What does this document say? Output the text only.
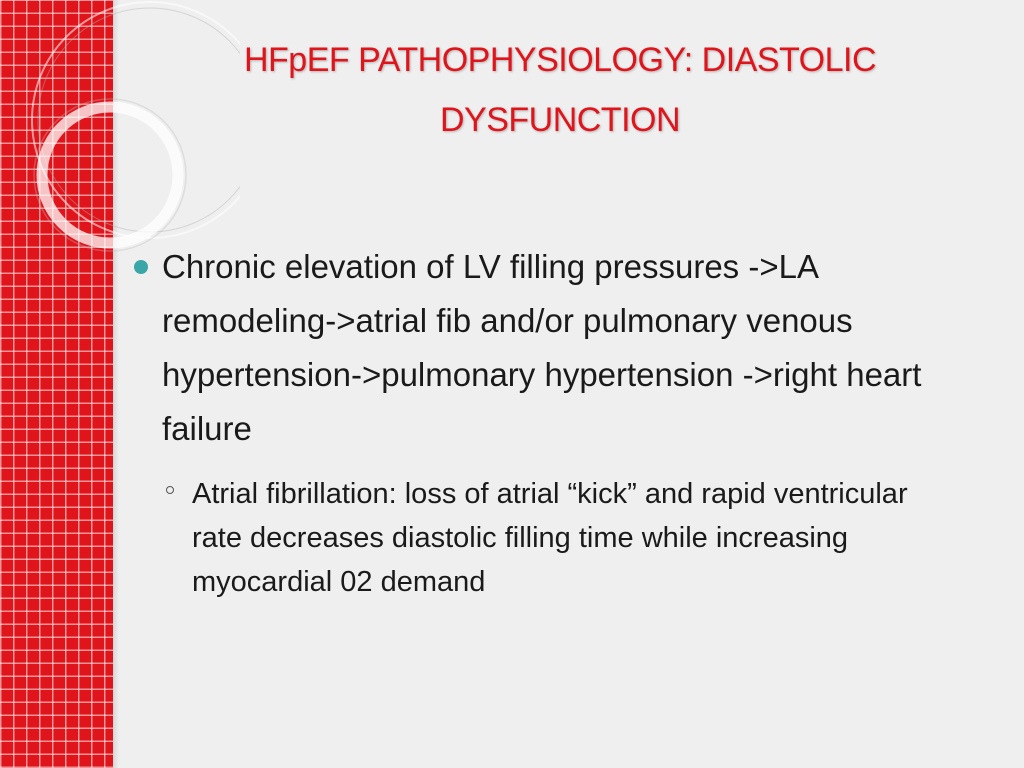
HFpEF PATHOPHYSIOLOGY: DIASTOLIC DYSFUNCTION
Chronic elevation of LV filling pressures ->LA remodeling->atrial fib and/or pulmonary venous hypertension->pulmonary hypertension ->right heart failure
Atrial fibrillation: loss of atrial “kick” and rapid ventricular rate decreases diastolic filling time while increasing myocardial 02 demand
